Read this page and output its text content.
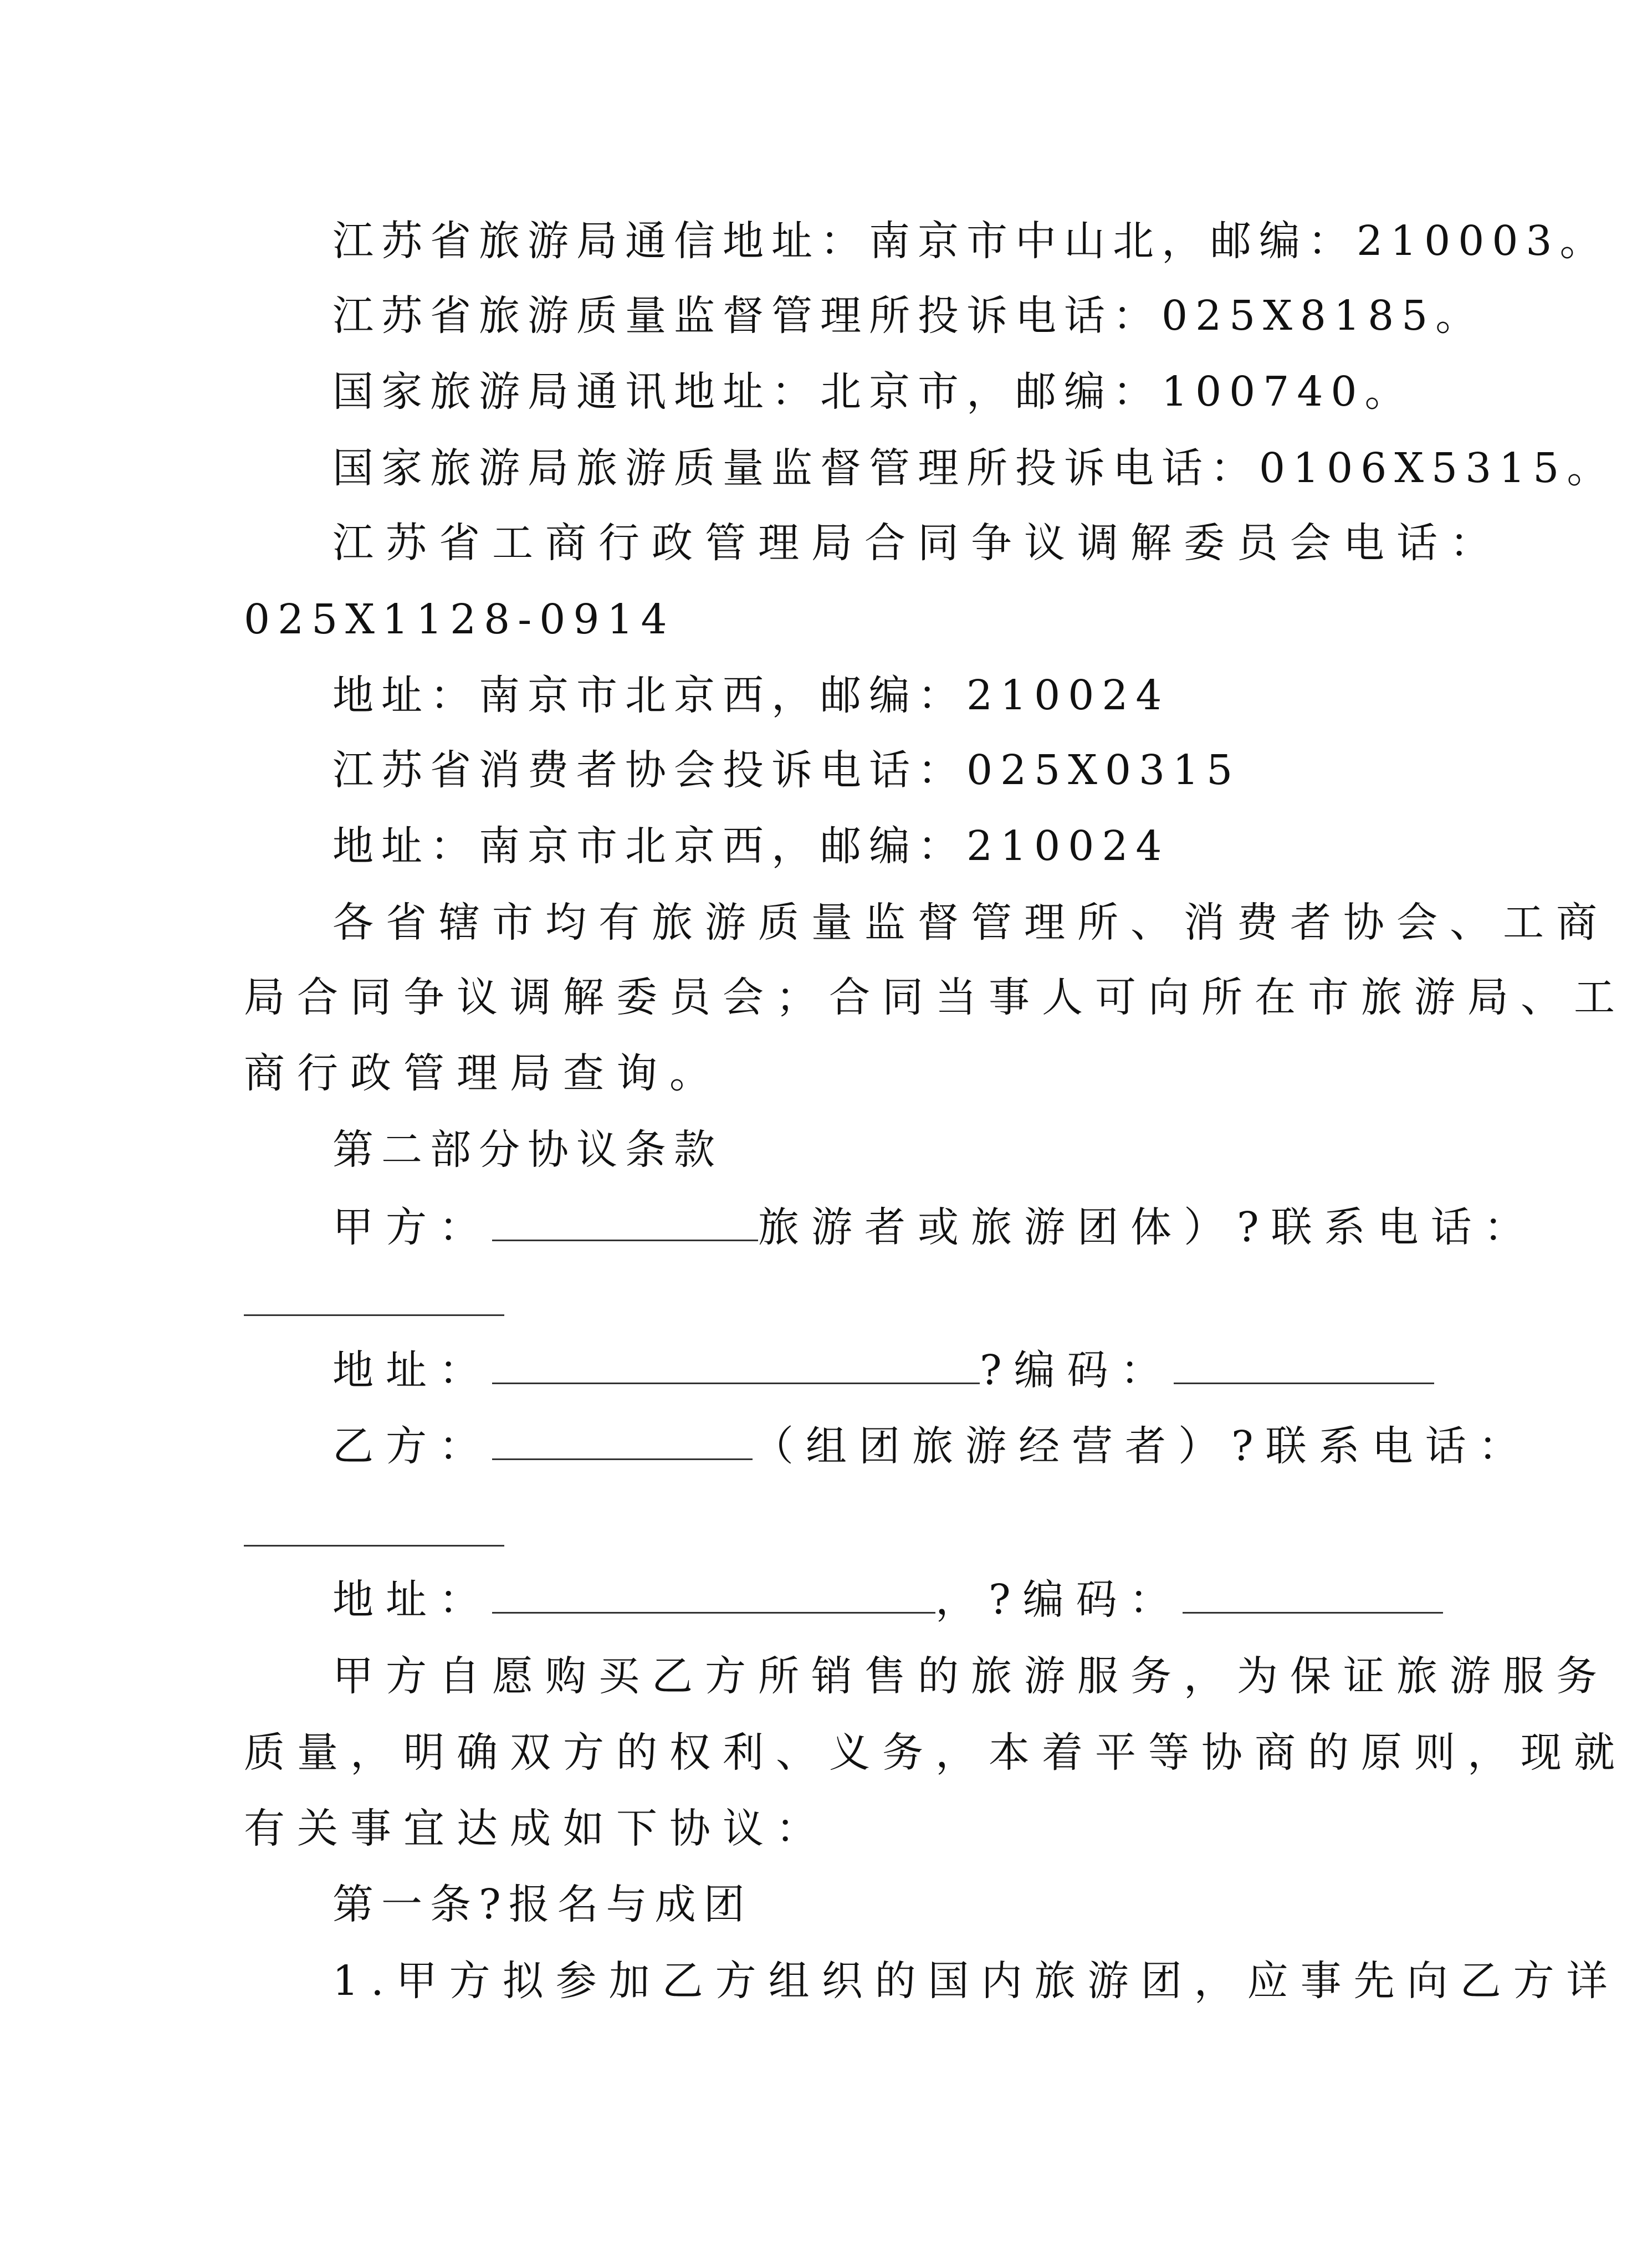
江苏省旅游局通信地址：南京市中山北，邮编：210003。
江苏省旅游质量监督管理所投诉电话：025X8185。
国家旅游局通讯地址：北京市，邮编：100740。
国家旅游局旅游质量监督管理所投诉电话：0106X5315。
江苏省工商行政管理局合同争议调解委员会电话：
025X1128-0914
地址：南京市北京西，邮编：210024
江苏省消费者协会投诉电话：025X0315
地址：南京市北京西，邮编：210024
各省辖市均有旅游质量监督管理所、消费者协会、工商
局合同争议调解委员会；合同当事人可向所在市旅游局、工
商行政管理局查询。
第二部分协议条款
甲方：	旅游者或旅游团体）?联系电话：
地址：	?编码：
乙方：	（组团旅游经营者）?联系电话：
地址：	，?编码：
甲方自愿购买乙方所销售的旅游服务，为保证旅游服务
质量，明确双方的权利、义务，本着平等协商的原则，现就
有关事宜达成如下协议：
第一条?报名与成团
1.甲方拟参加乙方组织的国内旅游团，应事先向乙方详
